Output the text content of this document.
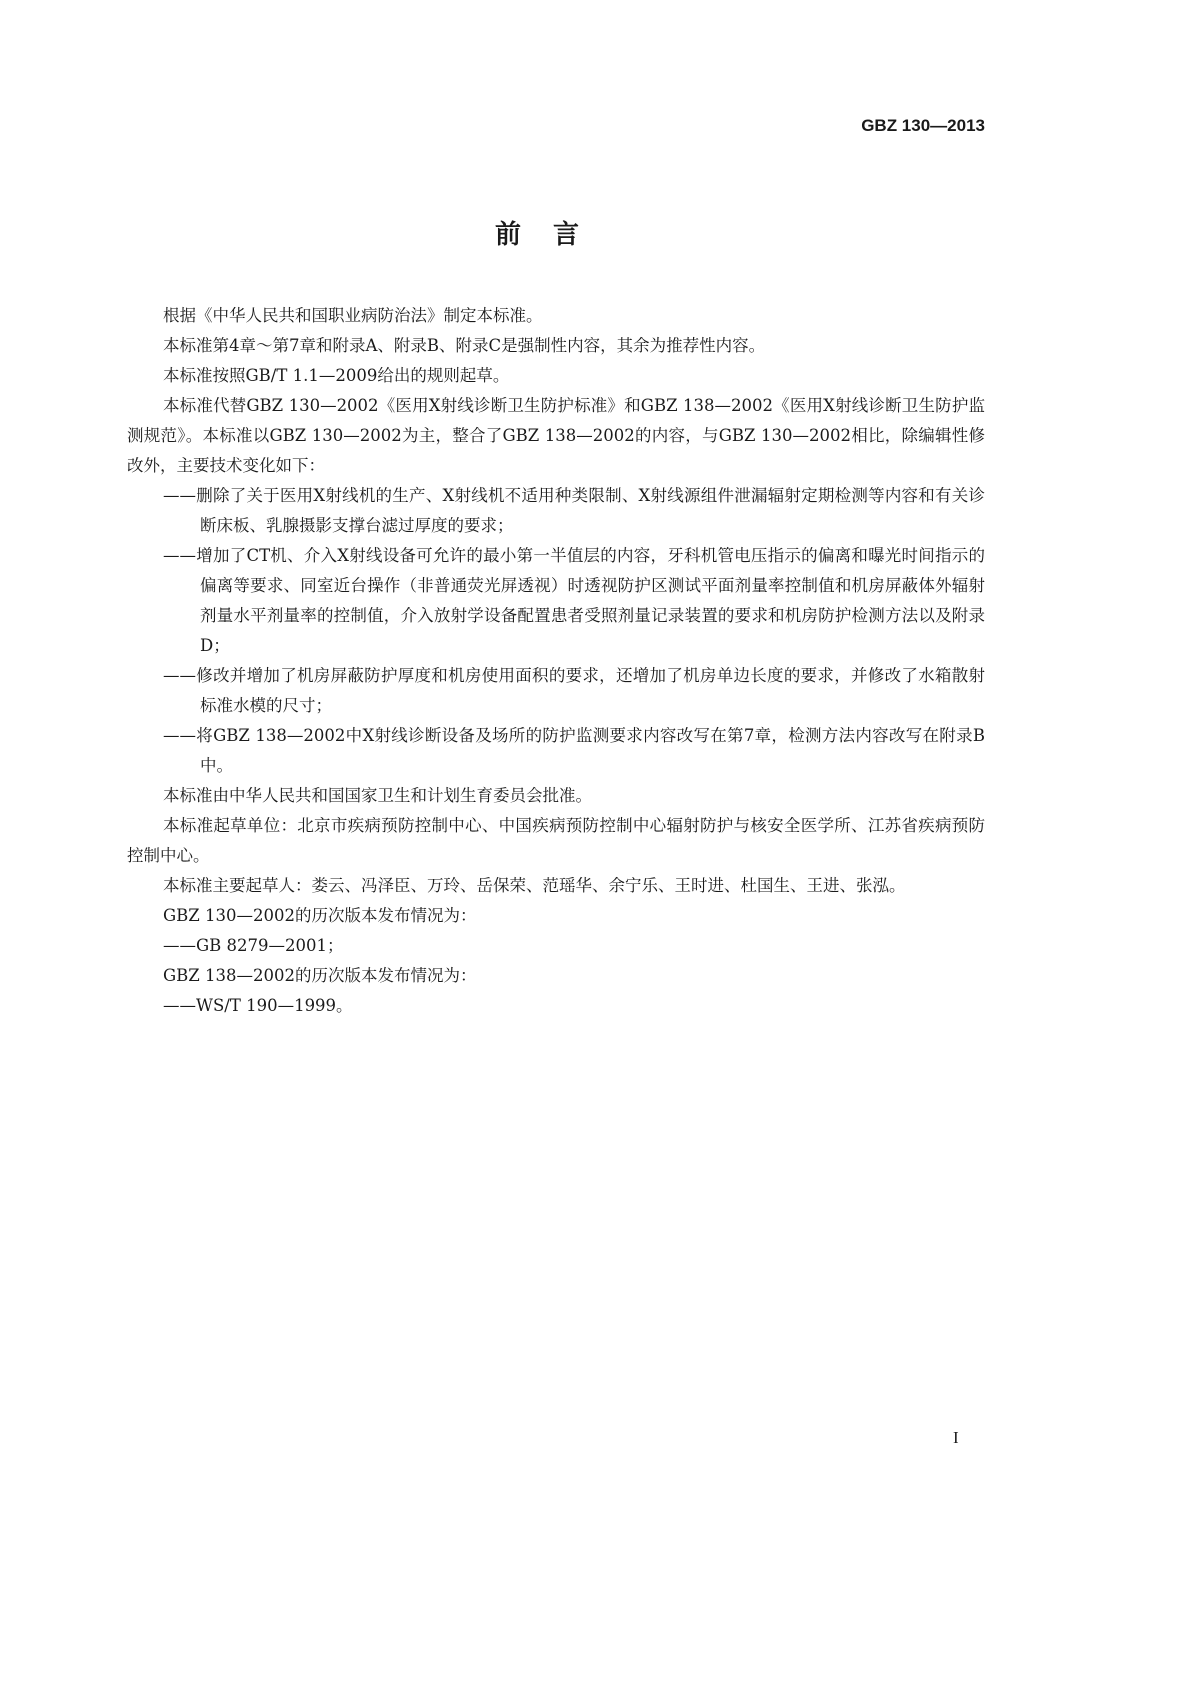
GBZ 130—2013
前言

根据《中华人民共和国职业病防治法》制定本标准。

本标准第4章～第7章和附录A、附录B、附录C是强制性内容，其余为推荐性内容。

本标准按照GB/T 1.1—2009给出的规则起草。

本标准代替GBZ 130—2002《医用X射线诊断卫生防护标准》和GBZ 138—2002《医用X射线诊断卫生防护监测规范》。本标准以GBZ 130—2002为主，整合了GBZ 138—2002的内容，与GBZ 130—2002相比，除编辑性修改外，主要技术变化如下：

——删除了关于医用X射线机的生产、X射线机不适用种类限制、X射线源组件泄漏辐射定期检测等内容和有关诊断床板、乳腺摄影支撑台滤过厚度的要求；

——增加了CT机、介入X射线设备可允许的最小第一半值层的内容，牙科机管电压指示的偏离和曝光时间指示的偏离等要求、同室近台操作（非普通荧光屏透视）时透视防护区测试平面剂量率控制值和机房屏蔽体外辐射剂量水平剂量率的控制值，介入放射学设备配置患者受照剂量记录装置的要求和机房防护检测方法以及附录D；

——修改并增加了机房屏蔽防护厚度和机房使用面积的要求，还增加了机房单边长度的要求，并修改了水箱散射标准水模的尺寸；

——将GBZ 138—2002中X射线诊断设备及场所的防护监测要求内容改写在第7章，检测方法内容改写在附录B中。

本标准由中华人民共和国国家卫生和计划生育委员会批准。

本标准起草单位：北京市疾病预防控制中心、中国疾病预防控制中心辐射防护与核安全医学所、江苏省疾病预防控制中心。

本标准主要起草人：娄云、冯泽臣、万玲、岳保荣、范瑶华、余宁乐、王时进、杜国生、王进、张泓。

GBZ 130—2002的历次版本发布情况为：

——GB 8279—2001；

GBZ 138—2002的历次版本发布情况为：

——WS/T 190—1999。

I
